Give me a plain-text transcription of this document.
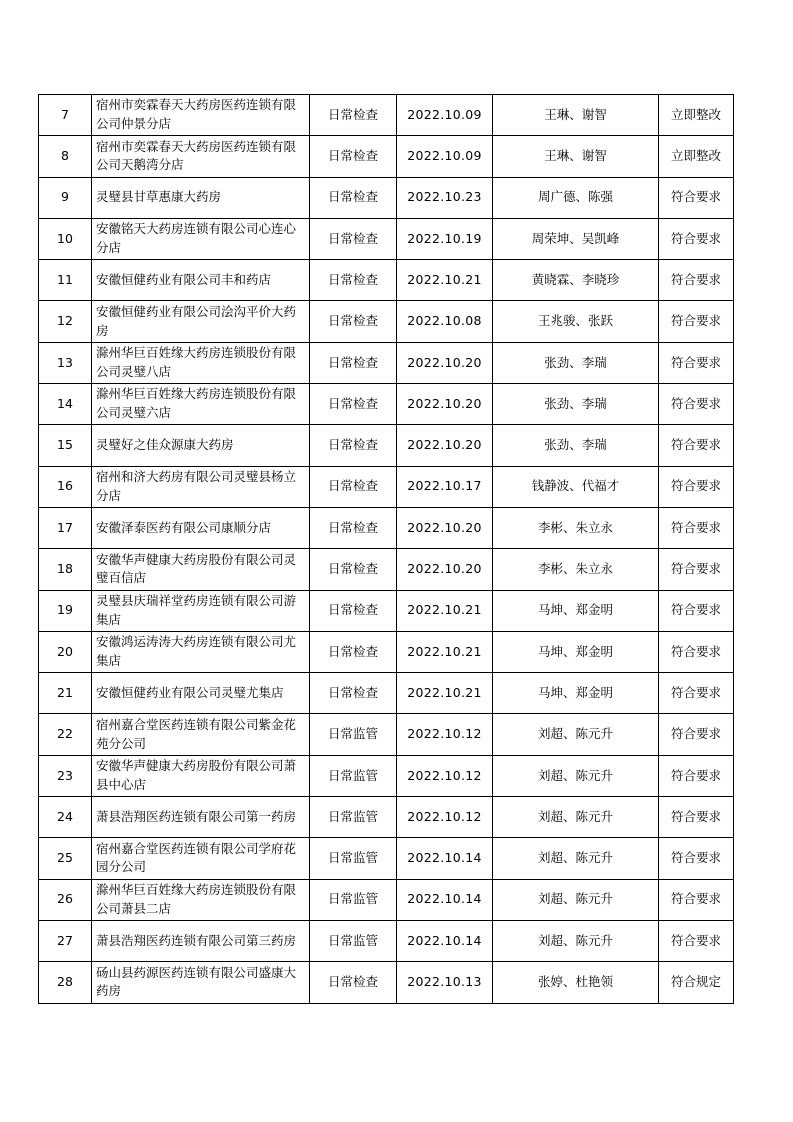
7	宿州市奕霖春天大药房医药连锁有限公司仲景分店	日常检查	2022.10.09	王琳、谢智	立即整改
8	宿州市奕霖春天大药房医药连锁有限公司天鹅湾分店	日常检查	2022.10.09	王琳、谢智	立即整改
9	灵璧县甘草惠康大药房	日常检查	2022.10.23	周广德、陈强	符合要求
10	安徽铭天大药房连锁有限公司心连心分店	日常检查	2022.10.19	周荣坤、吴凯峰	符合要求
11	安徽恒健药业有限公司丰和药店	日常检查	2022.10.21	黄晓霖、李晓珍	符合要求
12	安徽恒健药业有限公司浍沟平价大药房	日常检查	2022.10.08	王兆骏、张跃	符合要求
13	滁州华巨百姓缘大药房连锁股份有限公司灵璧八店	日常检查	2022.10.20	张劲、李瑞	符合要求
14	滁州华巨百姓缘大药房连锁股份有限公司灵璧六店	日常检查	2022.10.20	张劲、李瑞	符合要求
15	灵璧好之佳众源康大药房	日常检查	2022.10.20	张劲、李瑞	符合要求
16	宿州和济大药房有限公司灵璧县杨立分店	日常检查	2022.10.17	钱静波、代福才	符合要求
17	安徽泽泰医药有限公司康顺分店	日常检查	2022.10.20	李彬、朱立永	符合要求
18	安徽华声健康大药房股份有限公司灵璧百信店	日常检查	2022.10.20	李彬、朱立永	符合要求
19	灵璧县庆瑞祥堂药房连锁有限公司游集店	日常检查	2022.10.21	马坤、郑金明	符合要求
20	安徽鸿运涛涛大药房连锁有限公司尤集店	日常检查	2022.10.21	马坤、郑金明	符合要求
21	安徽恒健药业有限公司灵璧尤集店	日常检查	2022.10.21	马坤、郑金明	符合要求
22	宿州嘉合堂医药连锁有限公司紫金花苑分公司	日常监管	2022.10.12	刘超、陈元升	符合要求
23	安徽华声健康大药房股份有限公司萧县中心店	日常监管	2022.10.12	刘超、陈元升	符合要求
24	萧县浩翔医药连锁有限公司第一药房	日常监管	2022.10.12	刘超、陈元升	符合要求
25	宿州嘉合堂医药连锁有限公司学府花园分公司	日常监管	2022.10.14	刘超、陈元升	符合要求
26	滁州华巨百姓缘大药房连锁股份有限公司萧县二店	日常监管	2022.10.14	刘超、陈元升	符合要求
27	萧县浩翔医药连锁有限公司第三药房	日常监管	2022.10.14	刘超、陈元升	符合要求
28	砀山县药源医药连锁有限公司盛康大药房	日常检查	2022.10.13	张婷、杜艳领	符合规定
